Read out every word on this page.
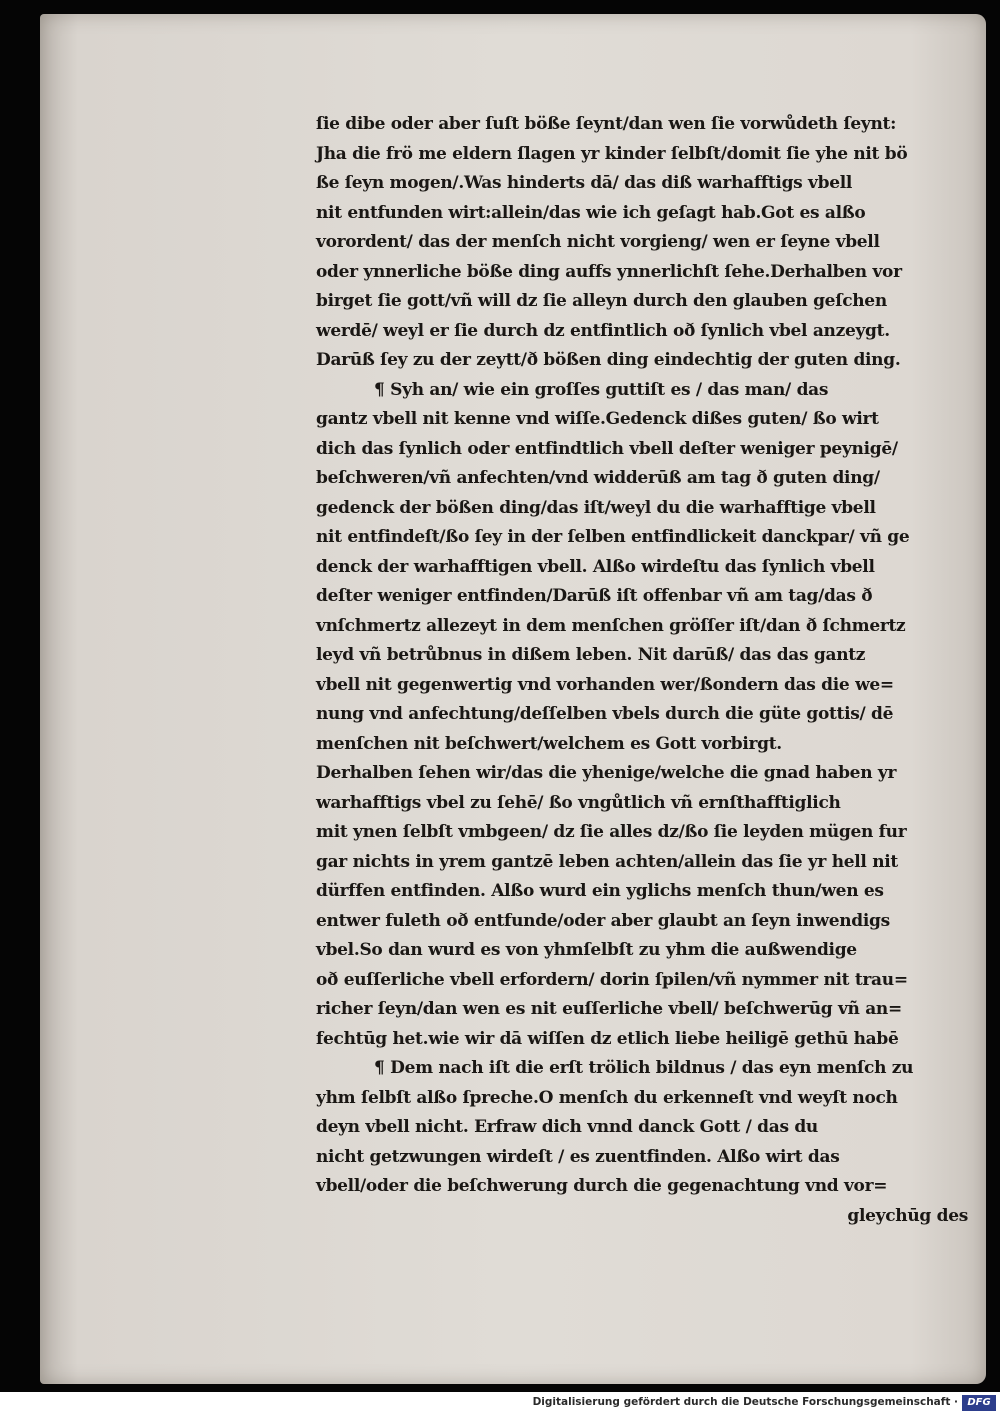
ſie dibe oder aber ſuſt böße ſeynt/dan wen ſie vorwůdeth ſeynt:
Jha die frö me eldern ſlagen yr kinder ſelbſt/domit ſie yhe nit bö
ße ſeyn mogen/.Was hinderts dā/ das diß warhafftigs vbell
nit entfunden wirt:allein/das wie ich geſagt hab.Got es alßo
vorordent/ das der menſch nicht vorgieng/ wen er ſeyne vbell
oder ynnerliche böße ding auffs ynnerlichſt ſehe.Derhalben vor
birget ſie gott/vñ will dz ſie alleyn durch den glauben geſchen
werdē/ weyl er ſie durch dz entfintlich oð ſynlich vbel anzeygt.
Darūß ſey zu der zeytt/ð bößen ding eindechtig der guten ding.
¶ Syh an/ wie ein groſſes guttiſt es / das man/ das
gantz vbell nit kenne vnd wiſſe.Gedenck dißes guten/ ßo wirt
dich das ſynlich oder entfindtlich vbell deſter weniger peynigē/
beſchweren/vñ anfechten/vnd widderūß am tag ð guten ding/
gedenck der bößen ding/das iſt/weyl du die warhafftige vbell
nit entfindeſt/ßo ſey in der ſelben entfindlickeit danckpar/ vñ ge
denck der warhafftigen vbell. Alßo wirdeſtu das ſynlich vbell
deſter weniger entfinden/Darūß iſt offenbar vñ am tag/das ð
vnſchmertz allezeyt in dem menſchen gröſſer iſt/dan ð ſchmertz
leyd vñ betrůbnus in dißem leben. Nit darūß/ das das gantz
vbell nit gegenwertig vnd vorhanden wer/ßondern das die we=
nung vnd anfechtung/deſſelben vbels durch die güte gottis/ dē
menſchen nit beſchwert/welchem es Gott vorbirgt.
Derhalben ſehen wir/das die yhenige/welche die gnad haben yr
warhafftigs vbel zu ſehē/ ßo vngůtlich vñ ernſthafftiglich
mit ynen ſelbſt vmbgeen/ dz ſie alles dz/ßo ſie leyden mügen fur
gar nichts in yrem gantzē leben achten/allein das ſie yr hell nit
dürffen entfinden. Alßo wurd ein yglichs menſch thun/wen es
entwer fuleth oð entfunde/oder aber glaubt an ſeyn inwendigs
vbel.So dan wurd es von yhmſelbſt zu yhm die außwendige
oð euſſerliche vbell erfordern/ dorin ſpilen/vñ nymmer nit trau=
richer ſeyn/dan wen es nit euſſerliche vbell/ beſchwerūg vñ an=
fechtūg het.wie wir dā wiſſen dz etlich liebe heiligē gethū habē
¶ Dem nach iſt die erſt trölich bildnus / das eyn menſch zu
yhm ſelbſt alßo ſpreche.O menſch du erkenneſt vnd weyſt noch
deyn vbell nicht. Erfraw dich vnnd danck Gott / das du
nicht getzwungen wirdeſt / es zuentfinden. Alßo wirt das
vbell/oder die beſchwerung durch die gegenachtung vnd vor=
gleychūg des
Digitalisierung gefördert durch die Deutsche Forschungsgemeinschaft · DFG
